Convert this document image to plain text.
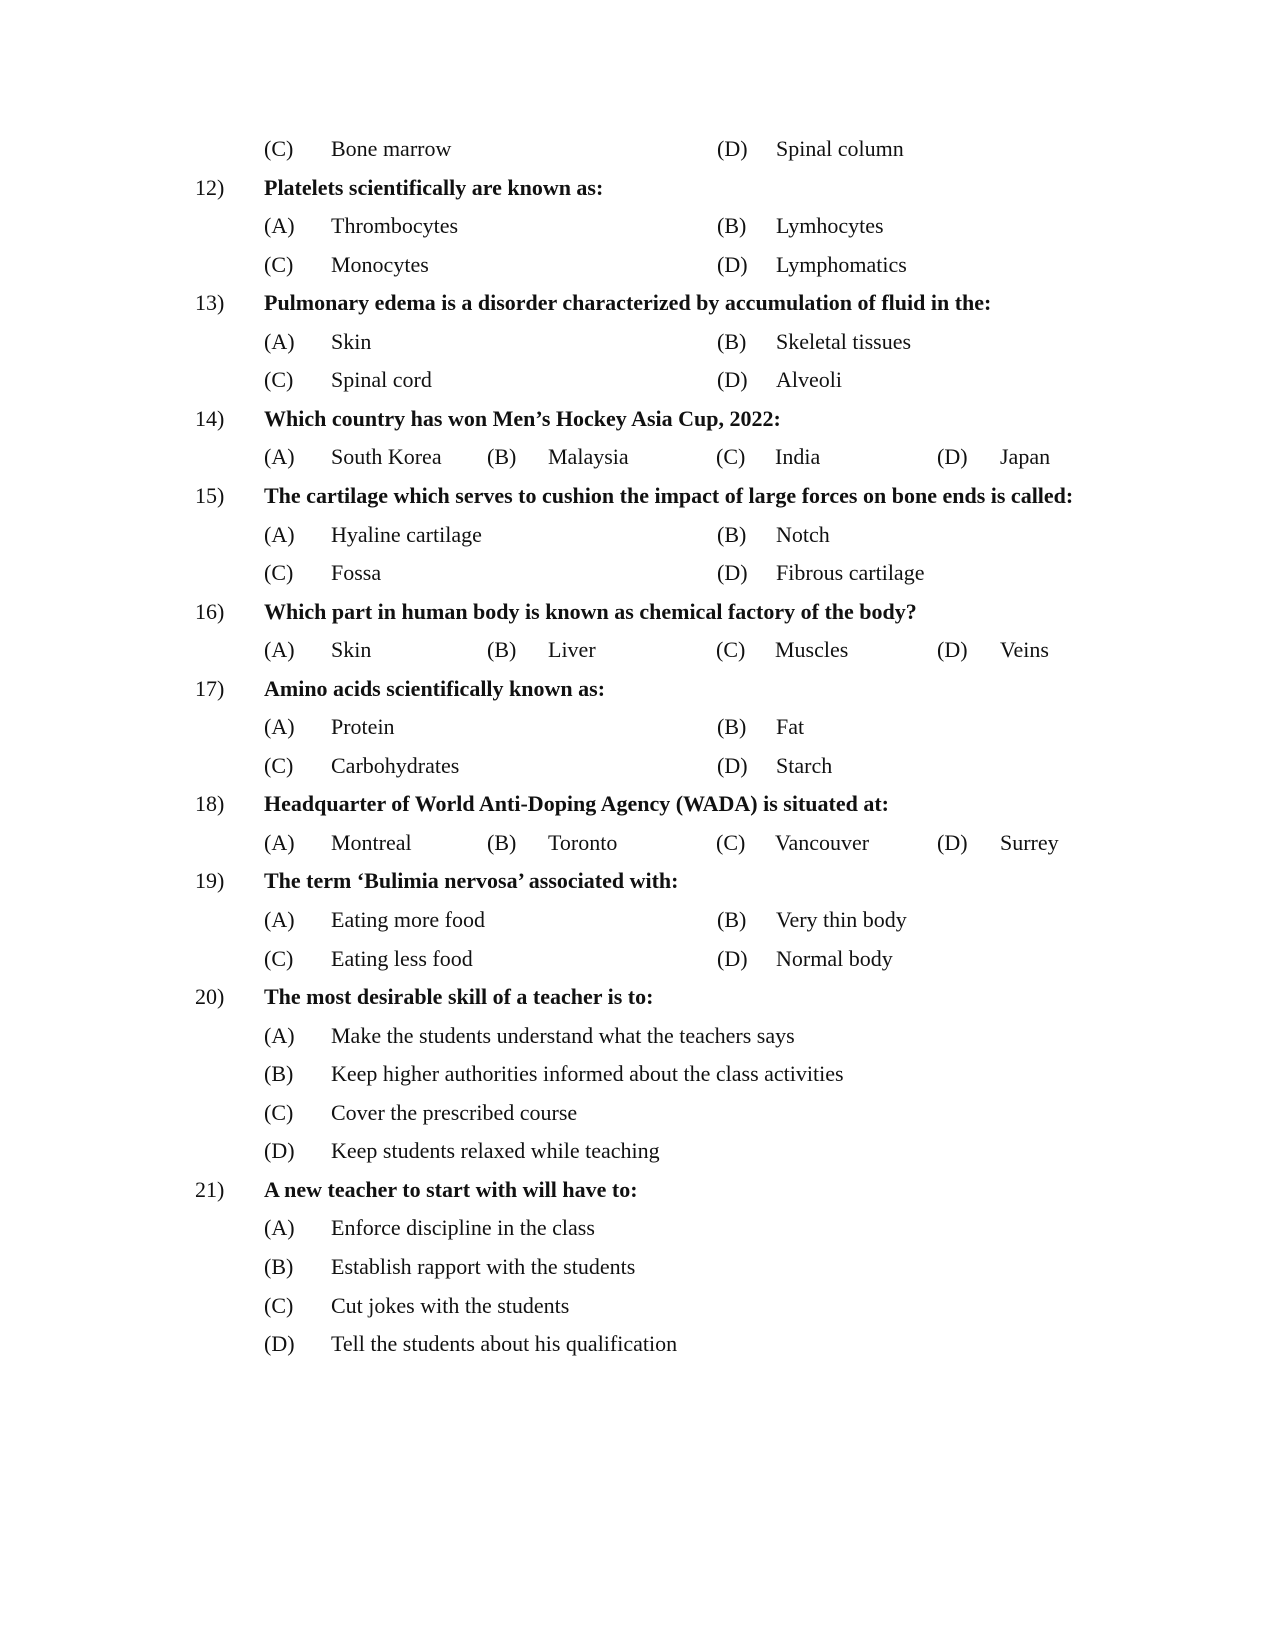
(C) Bone marrow	(D) Spinal column
12) Platelets scientifically are known as:
(A) Thrombocytes	(B) Lymhocytes
(C) Monocytes	(D) Lymphomatics
13) Pulmonary edema is a disorder characterized by accumulation of fluid in the:
(A) Skin	(B) Skeletal tissues
(C) Spinal cord	(D) Alveoli
14) Which country has won Men’s Hockey Asia Cup, 2022:
(A) South Korea (B) Malaysia	(C) India	(D) Japan
15) The cartilage which serves to cushion the impact of large forces on bone ends is called:
(A) Hyaline cartilage	(B) Notch
(C) Fossa	(D) Fibrous cartilage
16) Which part in human body is known as chemical factory of the body?
(A) Skin	(B) Liver	(C) Muscles	(D) Veins
17) Amino acids scientifically known as:
(A) Protein	(B) Fat
(C) Carbohydrates	(D) Starch
18) Headquarter of World Anti-Doping Agency (WADA) is situated at:
(A) Montreal	(B) Toronto	(C) Vancouver	(D) Surrey
19) The term ‘Bulimia nervosa’ associated with:
(A) Eating more food	(B) Very thin body
(C) Eating less food	(D) Normal body
20) The most desirable skill of a teacher is to:
(A) Make the students understand what the teachers says
(B) Keep higher authorities informed about the class activities
(C) Cover the prescribed course
(D) Keep students relaxed while teaching
21) A new teacher to start with will have to:
(A) Enforce discipline in the class
(B) Establish rapport with the students
(C) Cut jokes with the students
(D) Tell the students about his qualification
